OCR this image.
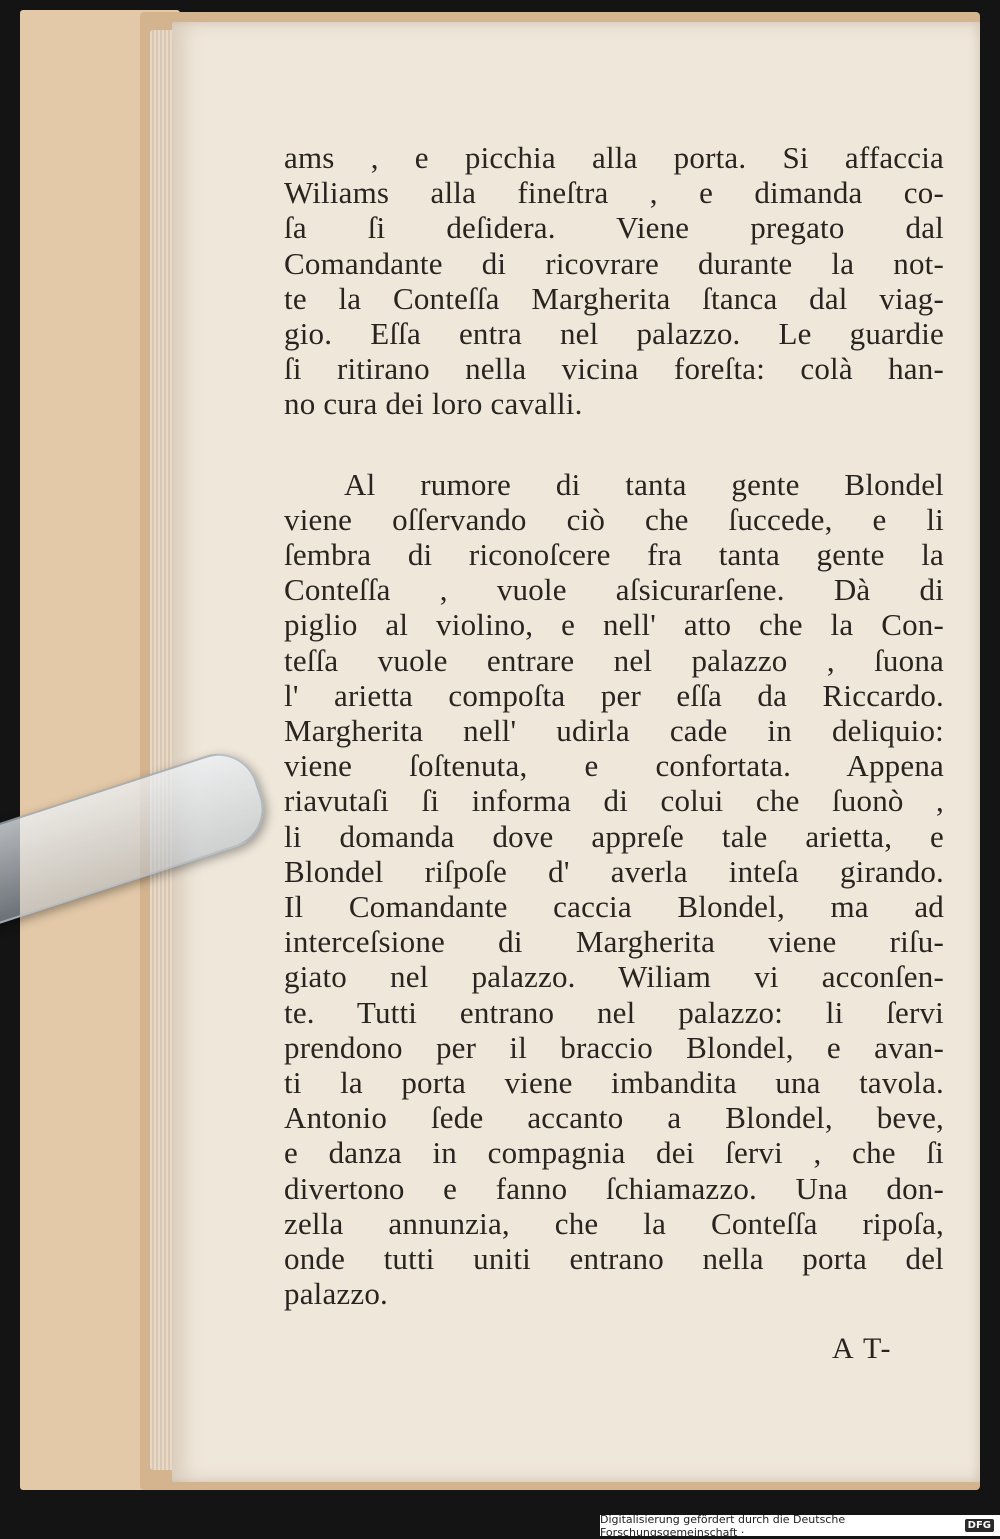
ams , e picchia alla porta. Si affaccia
Wiliams alla fineſtra , e dimanda co-
ſa ſi deſidera. Viene pregato dal
Comandante di ricovrare durante la not-
te la Conteſſa Margherita ſtanca dal viag-
gio. Eſſa entra nel palazzo. Le guardie
ſi ritirano nella vicina foreſta: colà han-
no cura dei loro cavalli.
Al rumore di tanta gente Blondel
viene oſſervando ciò che ſuccede, e li
ſembra di riconoſcere fra tanta gente la
Conteſſa , vuole aſsicurarſene. Dà di
piglio al violino, e nell' atto che la Con-
teſſa vuole entrare nel palazzo , ſuona
l' arietta compoſta per eſſa da Riccardo.
Margherita nell' udirla cade in deliquio:
viene ſoſtenuta, e confortata. Appena
riavutaſi ſi informa di colui che ſuonò ,
li domanda dove appreſe tale arietta, e
Blondel riſpoſe d' averla inteſa girando.
Il Comandante caccia Blondel, ma ad
interceſsione di Margherita viene riſu-
giato nel palazzo. Wiliam vi acconſen-
te. Tutti entrano nel palazzo: li ſervi
prendono per il braccio Blondel, e avan-
ti la porta viene imbandita una tavola.
Antonio ſede accanto a Blondel, beve,
e danza in compagnia dei ſervi , che ſi
divertono e fanno ſchiamazzo. Una don-
zella annunzia, che la Conteſſa ripoſa,
onde tutti uniti entrano nella porta del
palazzo.
A T-
Digitalisierung gefördert durch die Deutsche Forschungsgemeinschaft ·	DFG
